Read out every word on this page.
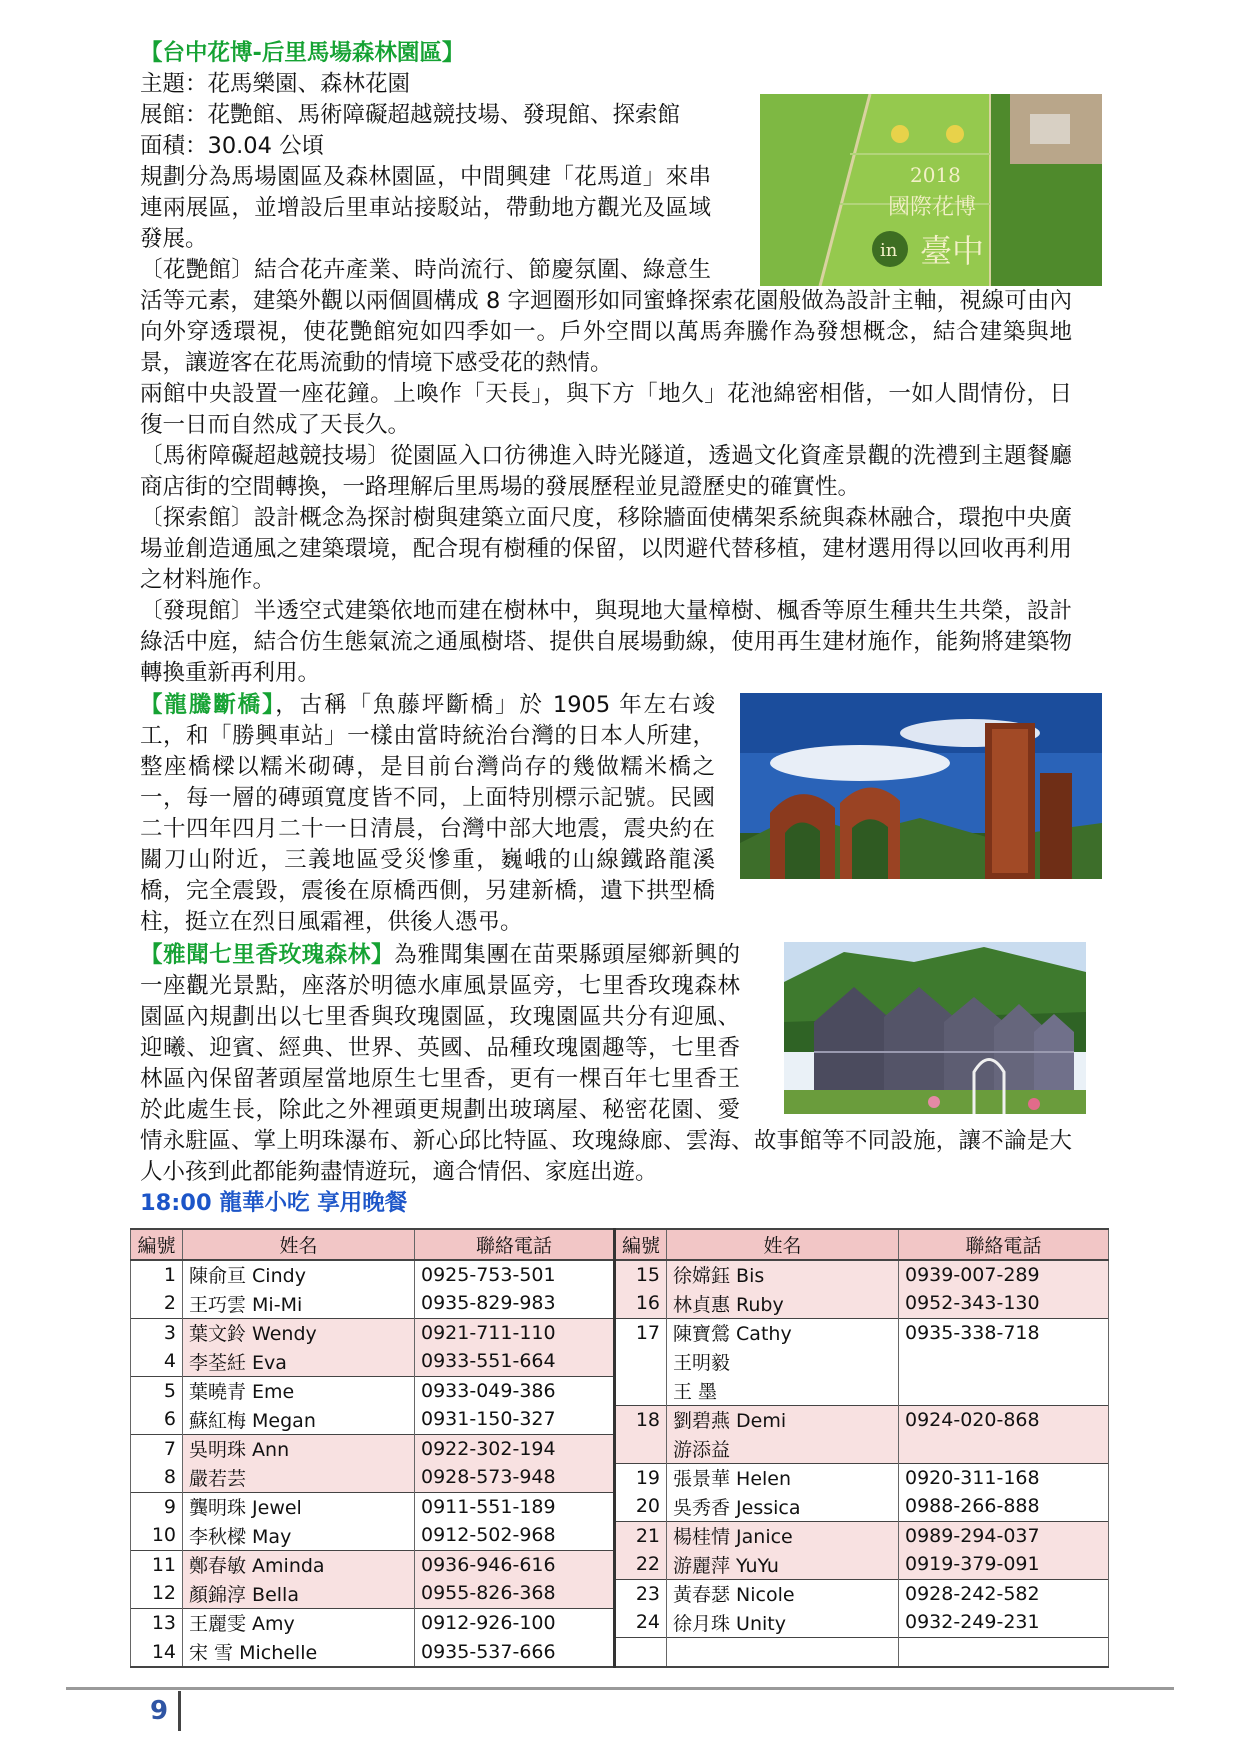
【台中花博-后里馬場森林園區】

主題：花馬樂園、森林花園

展館：花艷館、馬術障礙超越競技場、發現館、探索館

面積：30.04 公頃

規劃分為馬場園區及森林園區，中間興建「花馬道」來串連兩展區，並增設后里車站接駁站，帶動地方觀光及區域發展。

〔花艷館〕結合花卉產業、時尚流行、節慶氛圍、綠意生活等元素，建築外觀以兩個圓構成 8 字迴圈形如同蜜蜂探索花園般做為設計主軸，視線可由內向外穿透環視，使花艷館宛如四季如一。戶外空間以萬馬奔騰作為發想概念，結合建築與地景，讓遊客在花馬流動的情境下感受花的熱情。

兩館中央設置一座花鐘。上喚作「天長」，與下方「地久」花池綿密相偕，一如人間情份，日復一日而自然成了天長久。

〔馬術障礙超越競技場〕從園區入口彷彿進入時光隧道，透過文化資產景觀的洗禮到主題餐廳商店街的空間轉換，一路理解后里馬場的發展歷程並見證歷史的確實性。

〔探索館〕設計概念為探討樹與建築立面尺度，移除牆面使構架系統與森林融合，環抱中央廣場並創造通風之建築環境，配合現有樹種的保留，以閃避代替移植，建材選用得以回收再利用之材料施作。

〔發現館〕半透空式建築依地而建在樹林中，與現地大量樟樹、楓香等原生種共生共榮，設計綠活中庭，結合仿生態氣流之通風樹塔、提供自展場動線，使用再生建材施作，能夠將建築物轉換重新再利用。

2018
國際花博
in 臺中

【龍騰斷橋】，古稱「魚藤坪斷橋」於 1905 年左右竣工，和「勝興車站」一樣由當時統治台灣的日本人所建，整座橋樑以糯米砌磚，是目前台灣尚存的幾做糯米橋之一，每一層的磚頭寬度皆不同，上面特別標示記號。民國二十四年四月二十一日清晨，台灣中部大地震，震央約在關刀山附近，三義地區受災慘重，巍峨的山線鐵路龍溪橋，完全震毀，震後在原橋西側，另建新橋，遺下拱型橋柱，挺立在烈日風霜裡，供後人憑弔。

【雅聞七里香玫瑰森林】為雅聞集團在苗栗縣頭屋鄉新興的一座觀光景點，座落於明德水庫風景區旁，七里香玫瑰森林園區內規劃出以七里香與玫瑰園區，玫瑰園區共分有迎風、迎曦、迎賓、經典、世界、英國、品種玫瑰園趣等，七里香林區內保留著頭屋當地原生七里香，更有一棵百年七里香王於此處生長，除此之外裡頭更規劃出玻璃屋、秘密花園、愛情永駐區、掌上明珠瀑布、新心邱比特區、玫瑰綠廊、雲海、故事館等不同設施，讓不論是大人小孩到此都能夠盡情遊玩，適合情侶、家庭出遊。

18:00 龍華小吃 享用晚餐

編號	姓名	聯絡電話	編號	姓名	聯絡電話
1	陳俞亘 Cindy	0925-753-501	15	徐嫦鈺 Bis	0939-007-289
2	王巧雲 Mi-Mi	0935-829-983	16	林貞惠 Ruby	0952-343-130
3	葉文鈴 Wendy	0921-711-110	17	陳寶鶯 Cathy	0935-338-718
4	李荃紝 Eva	0933-551-664		王明毅	
5	葉曉青 Eme	0933-049-386		王 墨	
6	蘇紅梅 Megan	0931-150-327	18	劉碧燕 Demi	0924-020-868
7	吳明珠 Ann	0922-302-194		游添益	
8	嚴若芸	0928-573-948	19	張景華 Helen	0920-311-168
9	龔明珠 Jewel	0911-551-189	20	吳秀香 Jessica	0988-266-888
10	李秋樑 May	0912-502-968	21	楊桂情 Janice	0989-294-037
11	鄭春敏 Aminda	0936-946-616	22	游麗萍 YuYu	0919-379-091
12	顏錦淳 Bella	0955-826-368	23	黃春瑟 Nicole	0928-242-582
13	王麗雯 Amy	0912-926-100	24	徐月珠 Unity	0932-249-231
14	宋 雪 Michelle	0935-537-666			
9
